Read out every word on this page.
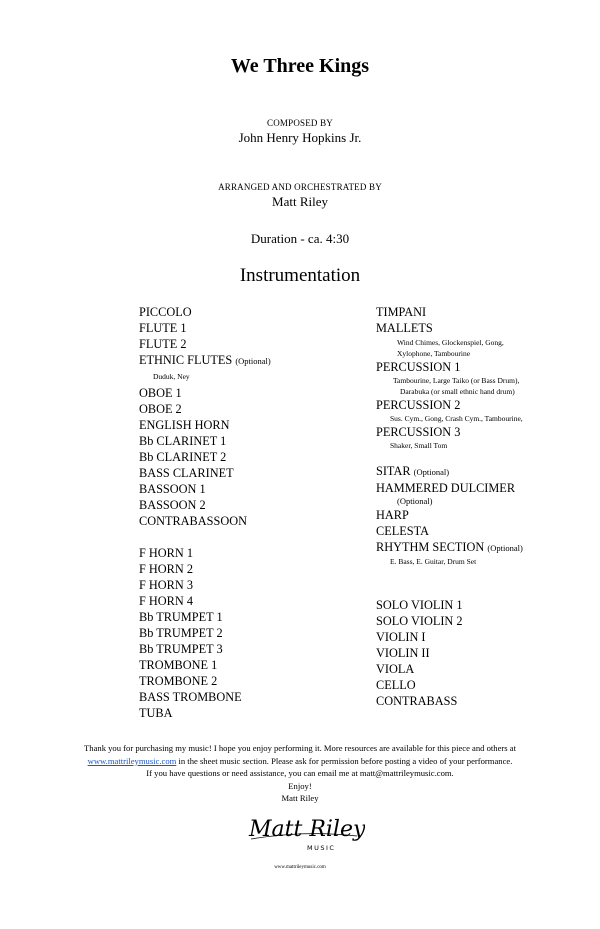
We Three Kings
COMPOSED BY
John Henry Hopkins Jr.
ARRANGED AND ORCHESTRATED BY
Matt Riley
Duration - ca. 4:30
Instrumentation
PICCOLO
FLUTE 1
FLUTE 2
ETHNIC FLUTES (Optional)
Duduk, Ney
OBOE 1
OBOE 2
ENGLISH HORN
Bb CLARINET 1
Bb CLARINET 2
BASS CLARINET
BASSOON 1
BASSOON 2
CONTRABASSOON
F HORN 1
F HORN 2
F HORN 3
F HORN 4
Bb TRUMPET 1
Bb TRUMPET 2
Bb TRUMPET 3
TROMBONE 1
TROMBONE 2
BASS TROMBONE
TUBA
TIMPANI
MALLETS
Wind Chimes, Glockenspiel, Gong,
Xylophone, Tambourine
PERCUSSION 1
Tambourine, Large Taiko (or Bass Drum),
Darabuka (or small ethnic hand drum)
PERCUSSION 2
Sus. Cym., Gong, Crash Cym., Tambourine,
PERCUSSION 3
Shaker, Small Tom
SITAR (Optional)
HAMMERED DULCIMER
(Optional)
HARP
CELESTA
RHYTHM SECTION (Optional)
E. Bass, E. Guitar, Drum Set
SOLO VIOLIN 1
SOLO VIOLIN 2
VIOLIN I
VIOLIN II
VIOLA
CELLO
CONTRABASS
Thank you for purchasing my music! I hope you enjoy performing it. More resources are available for this piece and others at
www.mattrileymusic.com in the sheet music section. Please ask for permission before posting a video of your performance.
If you have questions or need assistance, you can email me at matt@mattrileymusic.com.
Enjoy!
Matt Riley
Matt Riley
MUSIC
www.mattrileymusic.com
